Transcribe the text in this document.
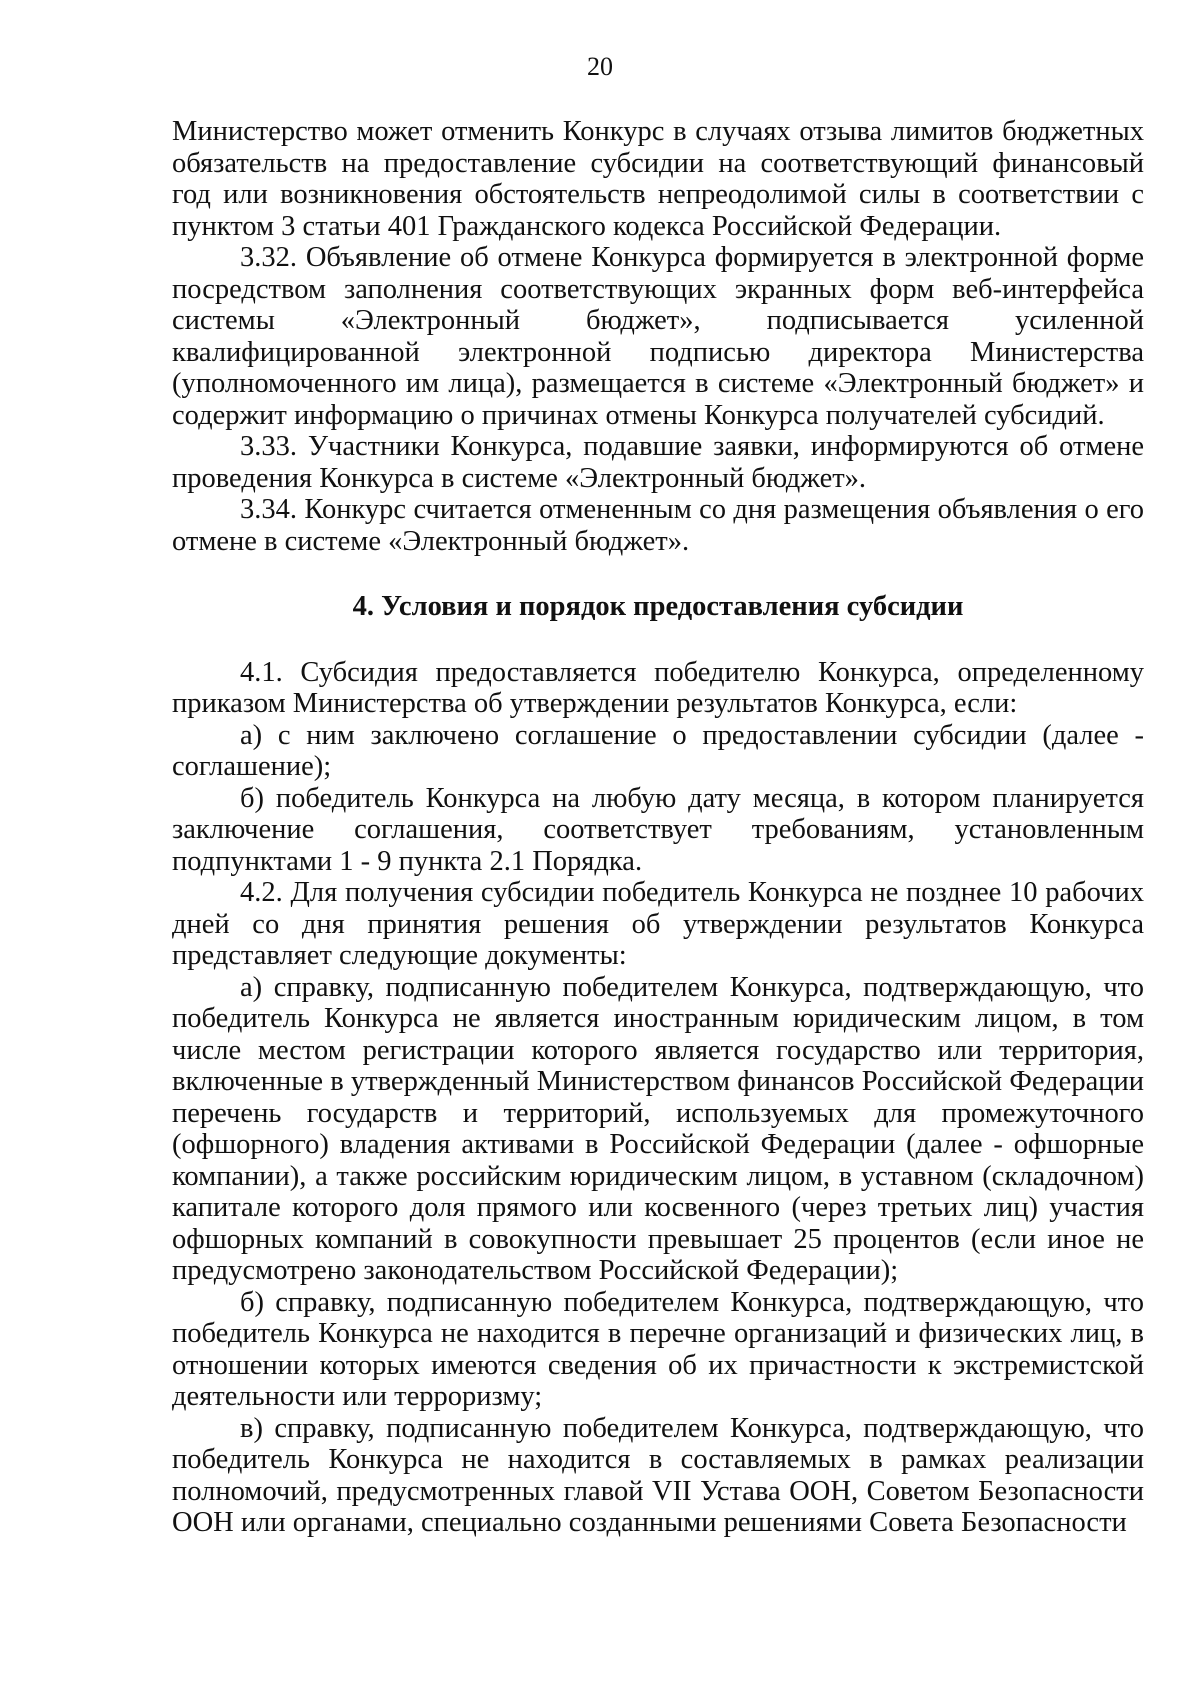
20

Министерство может отменить Конкурс в случаях отзыва лимитов бюджетных обязательств на предоставление субсидии на соответствующий финансовый год или возникновения обстоятельств непреодолимой силы в соответствии с пунктом 3 статьи 401 Гражданского кодекса Российской Федерации.

3.32. Объявление об отмене Конкурса формируется в электронной форме посредством заполнения соответствующих экранных форм веб-интерфейса системы «Электронный бюджет», подписывается усиленной квалифицированной электронной подписью директора Министерства (уполномоченного им лица), размещается в системе «Электронный бюджет» и содержит информацию о причинах отмены Конкурса получателей субсидий.

3.33. Участники Конкурса, подавшие заявки, информируются об отмене проведения Конкурса в системе «Электронный бюджет».

3.34. Конкурс считается отмененным со дня размещения объявления о его отмене в системе «Электронный бюджет».

4. Условия и порядок предоставления субсидии

4.1. Субсидия предоставляется победителю Конкурса, определенному приказом Министерства об утверждении результатов Конкурса, если:

а) с ним заключено соглашение о предоставлении субсидии (далее - соглашение);

б) победитель Конкурса на любую дату месяца, в котором планируется заключение соглашения, соответствует требованиям, установленным подпунктами 1 - 9 пункта 2.1 Порядка.

4.2. Для получения субсидии победитель Конкурса не позднее 10 рабочих дней со дня принятия решения об утверждении результатов Конкурса представляет следующие документы:

а) справку, подписанную победителем Конкурса, подтверждающую, что победитель Конкурса не является иностранным юридическим лицом, в том числе местом регистрации которого является государство или территория, включенные в утвержденный Министерством финансов Российской Федерации перечень государств и территорий, используемых для промежуточного (офшорного) владения активами в Российской Федерации (далее - офшорные компании), а также российским юридическим лицом, в уставном (складочном) капитале которого доля прямого или косвенного (через третьих лиц) участия офшорных компаний в совокупности превышает 25 процентов (если иное не предусмотрено законодательством Российской Федерации);

б) справку, подписанную победителем Конкурса, подтверждающую, что победитель Конкурса не находится в перечне организаций и физических лиц, в отношении которых имеются сведения об их причастности к экстремистской деятельности или терроризму;

в) справку, подписанную победителем Конкурса, подтверждающую, что победитель Конкурса не находится в составляемых в рамках реализации полномочий, предусмотренных главой VII Устава ООН, Советом Безопасности ООН или органами, специально созданными решениями Совета Безопасности
